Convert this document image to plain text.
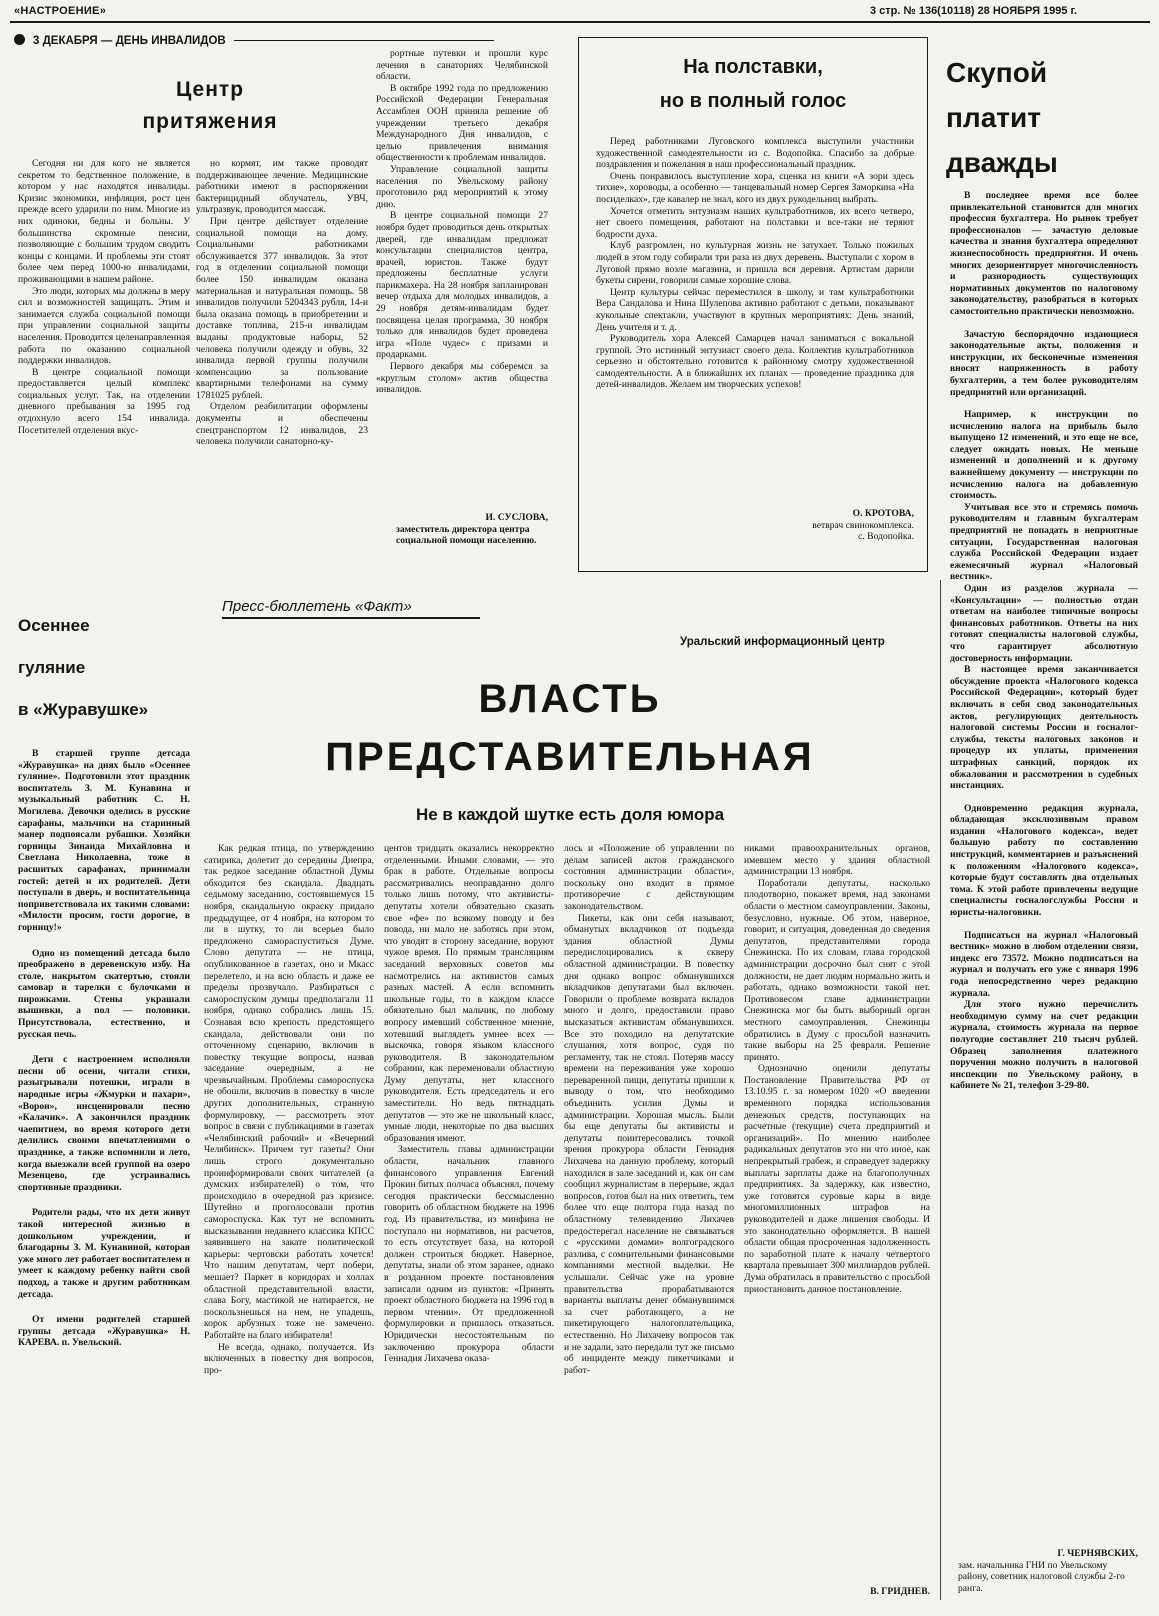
«НАСТРОЕНИЕ»	3 стр. № 136(10118) 28 НОЯБРЯ 1995 г.
3 ДЕКАБРЯ — ДЕНЬ ИНВАЛИДОВ
Центр
притяжения

Сегодня ни для кого не является секретом то бедственное положение, в котором у нас находятся инвалиды. Кризис экономики, инфляция, рост цен прежде всего ударили по ним. Многие из них одиноки, бедны и больны. У большинства скромные пенсии, позволяющие с большим трудом сводить концы с концами. И проблемы эти стоят более чем перед 1000-ю инвалидами, проживающими в нашем районе.

Это люди, которых мы должны в меру сил и возможностей защищать. Этим и занимается служба социальной помощи при управлении социальной защиты населения. Проводится целенаправленная работа по оказанию социальной поддержки инвалидов.

В центре социальной помощи предоставляется целый комплекс социальных услуг. Так, на отделении дневного пребывания за 1995 год отдохнуло всего 154 инвалида. Посетителей отделения вкус-

но кормят, им также проводят поддерживающее лечение. Медицинские работники имеют в распоряжении бактерицидный облучатель, УВЧ, ультразвук, проводится массаж.

При центре действует отделение социальной помощи на дому. Социальными работниками обслуживается 377 инвалидов. За этот год в отделении социальной помощи более 150 инвалидам оказана материальная и натуральная помощь. 58 инвалидов получили 5204343 рубля, 14-и была оказана помощь в приобретении и доставке топлива, 215-и инвалидам выданы продуктовые наборы, 52 человека получили одежду и обувь, 32 инвалида первой группы получили компенсацию за пользование квартирными телефонами на сумму 1781025 рублей.

Отделом реабилитации оформлены документы и обеспечены спецтранспортом 12 инвалидов, 23 человека получили санаторно-ку-

рортные путевки и прошли курс лечения в санаториях Челябинской области.

В октябре 1992 года по предложению Российской Федерации Генеральная Ассамблея ООН приняла решение об учреждении третьего декабря Международного Дня инвалидов, с целью привлечения внимания общественности к проблемам инвалидов.

Управление социальной защиты населения по Увельскому району проготовило ряд мероприятий к этому дню.

В центре социальной помощи 27 ноября будет проводиться день открытых дверей, где инвалидам предложат консультации специалистов центра, врачей, юристов. Также будут предложены бесплатные услуги парикмахера. На 28 ноября запланирован вечер отдыха для молодых инвалидов, а 29 ноября детям-инвалидам будет посвящена целая программа, 30 ноября только для инвалидов будет проведена игра «Поле чудес» с призами и продарками.

Первого декабря мы соберемся за «круглым столом» актив общества инвалидов.

И. СУСЛОВА,
заместитель директора центра социальной помощи населению.
На полставки,
но в полный голос

Перед работниками Луговского комплекса выступили участники художественной самодеятельности из с. Водопойка. Спасибо за добрые поздравления и пожелания в наш профессиональный праздник.

Очень понравилось выступление хора, сценка из книги «А зори здесь тихие», хороводы, а особенно — танцевальный номер Сергея Заморкина «На посиделках», где кавалер не знал, кого из двух рукодельниц выбрать.

Хочется отметить энтузиазм наших культработников, их всего четверо, нет своего помещения, работают на полставки и все-таки не теряют бодрости духа.

Клуб разгромлен, но культурная жизнь не затухает. Только пожилых людей в этом году собирали три раза из двух деревень. Выступали с хором в Луговой прямо возле магазина, и пришла вся деревня. Артистам дарили букеты сирени, говорили самые хорошие слова.

Центр культуры сейчас переместился в школу, и там культработники Вера Сандалова и Нина Шулепова активно работают с детьми, показывают кукольные спектакли, участвуют в крупных мероприятиях: День знаний, День учителя и т. д.

Руководитель хора Алексей Самарцев начал заниматься с вокальной группой. Это истинный энтузиаст своего дела. Коллектив культработников серьезно и обстоятельно готовится к районному смотру художественной самодеятельности. А в ближайших их планах — проведение праздника для детей-инвалидов. Желаем им творческих успехов!

О. КРОТОВА,
ветврач свинокомплекса.
с. Водопойка.
Скупой
платит
дважды

В последнее время все более привлекательной становится для многих профессия бухгалтера. Но рынок требует профессионалов — зачастую деловые качества и знания бухгалтера определяют жизнеспособность предприятия. И очень многих дезориентирует многочисленность и разнородность существующих нормативных документов по налоговому законодательству, разобраться в которых самостоятельно практически невозможно.

Зачастую беспорядочно издающиеся законодательные акты, положения и инструкции, их бесконечные изменения вносят напряженность в работу бухгалтерии, а тем более руководителям предприятий или организаций.

Например, к инструкции по исчислению налога на прибыль было выпущено 12 изменений, и это еще не все, следует ожидать новых. Не меньше изменений и дополнений и к другому важнейшему документу — инструкции по исчислению налога на добавленную стоимость.

Учитывая все это и стремясь помочь руководителям и главным бухгалтерам предприятий не попадать в неприятные ситуации, Государственная налоговая служба Российской Федерации издает ежемесячный журнал «Налоговый вестник».

Один из разделов журнала — «Консультации» — полностью отдан ответам на наиболее типичные вопросы финансовых работников. Ответы на них готовят специалисты налоговой службы, что гарантирует абсолютную достоверность информации.

В настоящее время заканчивается обсуждение проекта «Налогового кодекса Российской Федерации», который будет включать в себя свод законодательных актов, регулирующих деятельность налоговой системы России и госналог-службы, тексты налоговых законов и процедур их уплаты, применения штрафных санкций, порядок их обжалования и рассмотрения в судебных инстанциях.

Одновременно редакция журнала, обладающая эксклюзивным правом издания «Налогового кодекса», ведет большую работу по составлению инструкций, комментариев и разъяснений к положениям «Налогового кодекса», которые будут составлять два отдельных тома. К этой работе привлечены ведущие специалисты госналогслужбы России и юристы-налоговики.

Подписаться на журнал «Налоговый вестник» можно в любом отделении связи, индекс его 73572. Можно подписаться на журнал и получать его уже с января 1996 года непосредственно через редакцию журнала.

Для этого нужно перечислить необходимую сумму на счет редакции журнала, стоимость журнала на первое полугодие составляет 210 тысяч рублей. Образец заполнения платежного поручения можно получить в налоговой инспекции по Увельскому району, в кабинете № 21, телефон 3-29-80.

Г. ЧЕРНЯВСКИХ,
зам. начальника ГНИ по Увельскому району, советник налоговой службы 2-го ранга.
Осеннее
гуляние
в «Журавушке»

В старшей группе детсада «Журавушка» на днях было «Осеннее гуляние». Подготовили этот праздник воспитатель З. М. Кунавина и музыкальный работник С. Н. Могилева. Девочки оделись в русские сарафаны, мальчики на старинный манер подпоясали рубашки. Хозяйки горницы Зинаида Михайловна и Светлана Николаевна, тоже в расшитых сарафанах, принимали гостей: детей и их родителей. Дети поступали в дверь, и воспитательница поприветствовала их такими словами: «Милости просим, гости дорогие, в горницу!»

Одно из помещений детсада было преображено в деревенскую избу. На столе, накрытом скатертью, стояли самовар и тарелки с булочками и пирожками. Стены украшали вышивки, а пол — половики. Присутствовала, естественно, и русская печь.

Дети с настроением исполняли песни об осени, читали стихи, разыгрывали потешки, играли в народные игры «Жмурки и пахари», «Ворон», инсценировали песню «Калачик». А закончился праздник чаепитием, во время которого дети делились своими впечатлениями о празднике, а также вспомнили и лето, когда выезжали всей группой на озеро Мезенцево, где устраивались спортивные праздники.

Родители рады, что их дети живут такой интересной жизнью в дошкольном учреждении, и благодарны З. М. Кунавиной, которая уже много лет работает воспитателем и умеет к каждому ребенку найти свой подход, а также и другим работникам детсада.

От имени родителей старшей группы детсада «Журавушка» Н. КАРЕВА. п. Увельский.

Пресс-бюллетень «Факт»
Уральский информационный центр
ВЛАСТЬ
ПРЕДСТАВИТЕЛЬНАЯ
Не в каждой шутке есть доля юмора

Как редкая птица, по утверждению сатирика, долетит до середины Днепра, так редкое заседание областной Думы обходится без скандала. Двадцать седьмому заседанию, состоявшемуся 15 ноября, скандальную окраску придало предыдущее, от 4 ноября, на котором то ли в шутку, то ли всерьез было предложено самораспуститься Думе. Слово депутата — не птица, опубликованное в газетах, оно и Мкасс перелетело, и на всю область и даже ее пределы прозвучало. Разбираться с самороспуском думцы предполагали 11 ноября, однако собрались лишь 15. Сознавая всю крепость предстоящего скандала, действовали они по отточенному сценарию, включив в повестку текущие вопросы, назвав заседание очередным, а не чрезвычайным. Проблемы самороспуска не обошли, включив в повестку в числе других дополнительных, странную формулировку, — рассмотреть этот вопрос в связи с публикациями в газетах «Челябинский рабочий» и «Вечерний Челябинск». Причем тут газеты? Они лишь строго документально проинформировали своих читателей (а думских избирателей) о том, что происходило в очередной раз кризисе. Шутейно и проголосовали против самороспуска. Как тут не вспомнить высказывания недавнего классика КПСС заявившего на закате политической карьеры: чертовски работать хочется! Что нашим депутатам, черт побери, мешает? Паркет в коридорах и холлах областной представительной власти, слава Богу, мастикой не натирается, не поскользнешься на нем, не упадешь, корок арбузных тоже не замечено. Работайте на благо избирателя!

Не всегда, однако, получается. Из включенных в повестку дня вопросов, про-

центов тридцать оказались некорректно отделенными. Иными словами, — это брак в работе. Отдельные вопросы рассматривались неоправданно долго только лишь потому, что активисты-депутаты хотели обязательно сказать свое «фе» по всякому поводу и без повода, ни мало не заботясь при этом, что уводят в сторону заседание, воруют чужое время. По прямым трансляциям заседаний верховных советов мы насмотрелись на активистов самых разных мастей. А если вспомнить школьные годы, то в каждом классе обязательно был мальчик, по любому вопросу имевший собственное мнение, хотевший выглядеть умнее всех — выскочка, говоря языком классного руководителя. В законодательном собрании, как переменовали областную Думу депутаты, нет классного руководителя. Есть председатель и его заместители. Но ведь пятнадцать депутатов — это же не школьный класс, умные люди, некоторые по два высших образования имеют.

Заместитель главы администрации области, начальник главного финансового управления Евгений Прокин битых полчаса объяснял, почему сегодня практически бессмысленно говорить об областном бюджете на 1996 год. Из правительства, из минфина не поступало ни нормативов, ни расчетов, то есть отсутствует база, на которой должен строиться бюджет. Наверное, депутаты, знали об этом заранее, однако в розданном проекте постановления записали одним из пунктов: «Принять проект областного бюджета на 1996 год в первом чтении». От предложенной формулировки и пришлось отказаться. Юридически несостоятельным по заключению прокурора области Геннадия Лихачева оказа-

лось и «Положение об управлении по делам записей актов гражданского состояния администрации области», поскольку оно входит в прямое противоречие с действующим законодательством.

Пикеты, как они себя называют, обманутых вкладчиков от подъезда здания областной Думы передислоцировались к скверу областной администрации. В повестку дня однако вопрос обманувшихся вкладчиков депутатами был включен. Говорили о проблеме возврата вкладов много и долго, предоставили право высказаться активистам обманувшихся. Все это походило на депутатские слушания, хотя вопрос, судя по регламенту, так не стоял. Потеряв массу времени на переживания уже хорошо переваренной пищи, депутаты пришли к выводу о том, что необходимо объединить усилия Думы и администрации. Хорошая мысль. Были бы еще депутаты бы активисты и депутаты поинтересовались точкой зрения прокурора области Геннадия Лихачева на данную проблему, который находился в зале заседаний и, как он сам сообщил журналистам в перерыве, ждал вопросов, готов был на них ответить, тем более что еще полтора года назад по областному телевидению Лихачев предостерегал население не связываться с «русскими домами» волгоградского разлива, с сомнительными финансовыми компаниями местной выделки. Не услышали. Сейчас уже на уровне правительства прорабатываются варианты выплаты денег обманувшимся за счет работающего, а не пикетирующего налогоплательщика, естественно. Но Лихачеву вопросов так и не задали, зато передали тут же письмо об инциденте между пикетчиками и работ-

никами правоохранительных органов, имевшем место у здания областной администрации 13 ноября.

Поработали депутаты, насколько плодотворно, покажет время, над законами области о местном самоуправлении. Законы, безусловно, нужные. Об этом, наверное, говорит, и ситуация, доведенная до сведения депутатов, представителями города Снежинска. По их словам, глава городской администрации досрочно был снят с этой должности, не дает людям нормально жить и работать, однако возможности такой нет. Противовесом главе администрации Снежинска мог бы быть выборный орган местного самоуправления. Снежинцы обратились в Думу с просьбой назначить такие выборы на 25 февраля. Решение принято.

Однозначно оценили депутаты Постановление Правительства РФ от 13.10.95 г. за номером 1020 «О введении временного порядка использования денежных средств, поступающих на расчетные (текущие) счета предприятий и организаций». По мнению наиболее радикальных депутатов это ни что иное, как непрекрытый грабеж, и справедует задержку выплаты зарплаты даже на благополучных предприятиях. За задержку, как известно, уже готовятся суровые кары в виде многомиллионных штрафов на руководителей и даже лишения свободы. И это законодательно оформляется. В нашей области общая просроченная задолженность по заработной плате к началу четвертого квартала превышает 300 миллиардов рублей. Дума обратилась в правительство с просьбой приостановить данное постановление.

В. ГРИДНЕВ.
